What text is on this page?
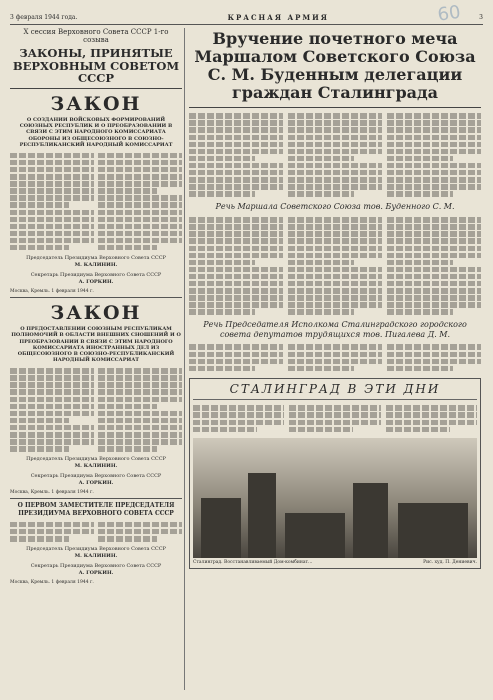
3 февраля 1944 года.	КРАСНАЯ АРМИЯ	3
60
X сессия Верховного Совета СССР 1-го созыва
ЗАКОНЫ, ПРИНЯТЫЕ ВЕРХОВНЫМ СОВЕТОМ СССР
ЗАКОН
О СОЗДАНИИ ВОЙСКОВЫХ ФОРМИРОВАНИЙ СОЮЗНЫХ РЕСПУБЛИК И О ПРЕОБРАЗОВАНИИ В СВЯЗИ С ЭТИМ НАРОДНОГО КОМИССАРИАТА ОБОРОНЫ ИЗ ОБЩЕСОЮЗНОГО В СОЮЗНО-РЕСПУБЛИКАНСКИЙ НАРОДНЫЙ КОМИССАРИАТ
Председатель Президиума Верховного Совета СССР
М. КАЛИНИН.
Секретарь Президиума Верховного Совета СССР
А. ГОРКИН.
Москва, Кремль. 1 февраля 1944 г.
ЗАКОН
О ПРЕДОСТАВЛЕНИИ СОЮЗНЫМ РЕСПУБЛИКАМ ПОЛНОМОЧИЙ В ОБЛАСТИ ВНЕШНИХ СНОШЕНИЙ И О ПРЕОБРАЗОВАНИИ В СВЯЗИ С ЭТИМ НАРОДНОГО КОМИССАРИАТА ИНОСТРАННЫХ ДЕЛ ИЗ ОБЩЕСОЮЗНОГО В СОЮЗНО-РЕСПУБЛИКАНСКИЙ НАРОДНЫЙ КОМИССАРИАТ
Председатель Президиума Верховного Совета СССР
М. КАЛИНИН.
Секретарь Президиума Верховного Совета СССР
А. ГОРКИН.
Москва, Кремль. 1 февраля 1944 г.
О ПЕРВОМ ЗАМЕСТИТЕЛЕ ПРЕДСЕДАТЕЛЯ ПРЕЗИДИУМА ВЕРХОВНОГО СОВЕТА СССР
Председатель Президиума Верховного Совета СССР
М. КАЛИНИН.
Секретарь Президиума Верховного Совета СССР
А. ГОРКИН.
Москва, Кремль. 1 февраля 1944 г.
Вручение почетного меча Маршалом Советского Союза С. М. Буденным делегации граждан Сталинграда
Речь Маршала Советского Союза тов. Буденного С. М.
Речь Председателя Исполкома Сталинградского городского совета депутатов трудящихся тов. Пигалева Д. М.
СТАЛИНГРАД В ЭТИ ДНИ
Сталинград. Восстанавливаемый Дом-комбинат...	Рис. худ. П. Дениевич.
